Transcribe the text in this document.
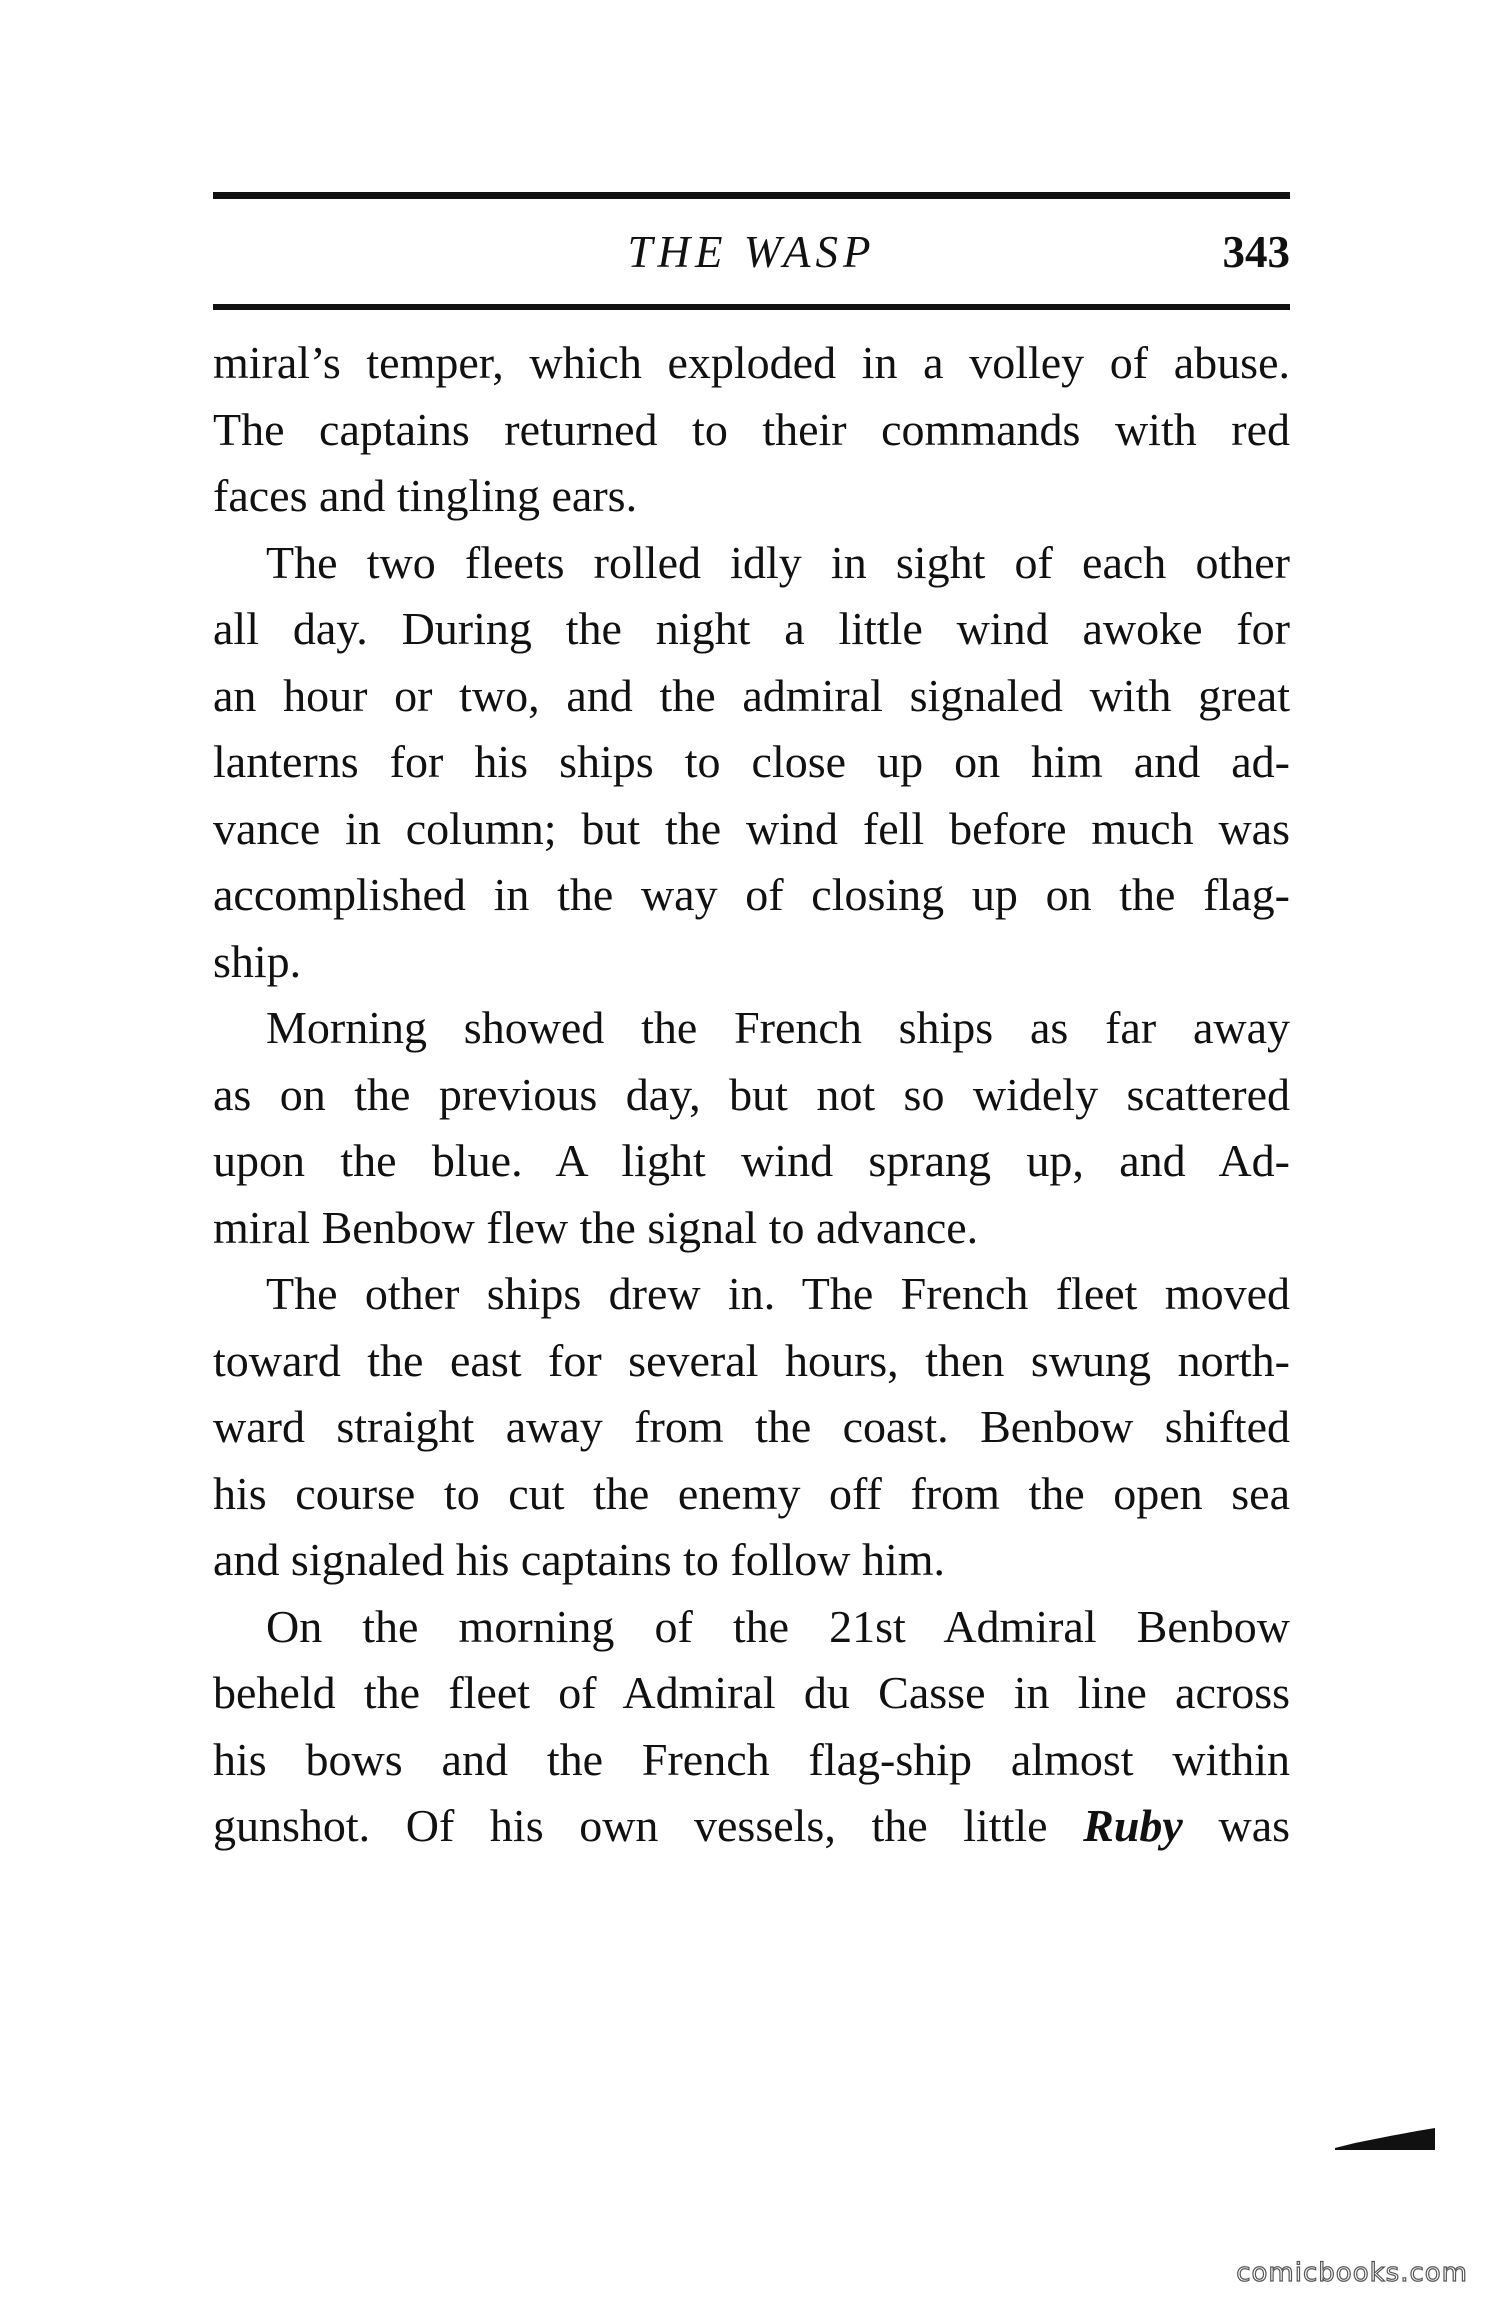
THE WASP	343
miral’s temper, which exploded in a volley of abuse.
The captains returned to their commands with red
faces and tingling ears.
The two fleets rolled idly in sight of each other
all day. During the night a little wind awoke for
an hour or two, and the admiral signaled with great
lanterns for his ships to close up on him and ad-
vance in column; but the wind fell before much was
accomplished in the way of closing up on the flag-
ship.
Morning showed the French ships as far away
as on the previous day, but not so widely scattered
upon the blue. A light wind sprang up, and Ad-
miral Benbow flew the signal to advance.
The other ships drew in. The French fleet moved
toward the east for several hours, then swung north-
ward straight away from the coast. Benbow shifted
his course to cut the enemy off from the open sea
and signaled his captains to follow him.
On the morning of the 21st Admiral Benbow
beheld the fleet of Admiral du Casse in line across
his bows and the French flag-ship almost within
gunshot. Of his own vessels, the little Ruby was
comicbooks.com
